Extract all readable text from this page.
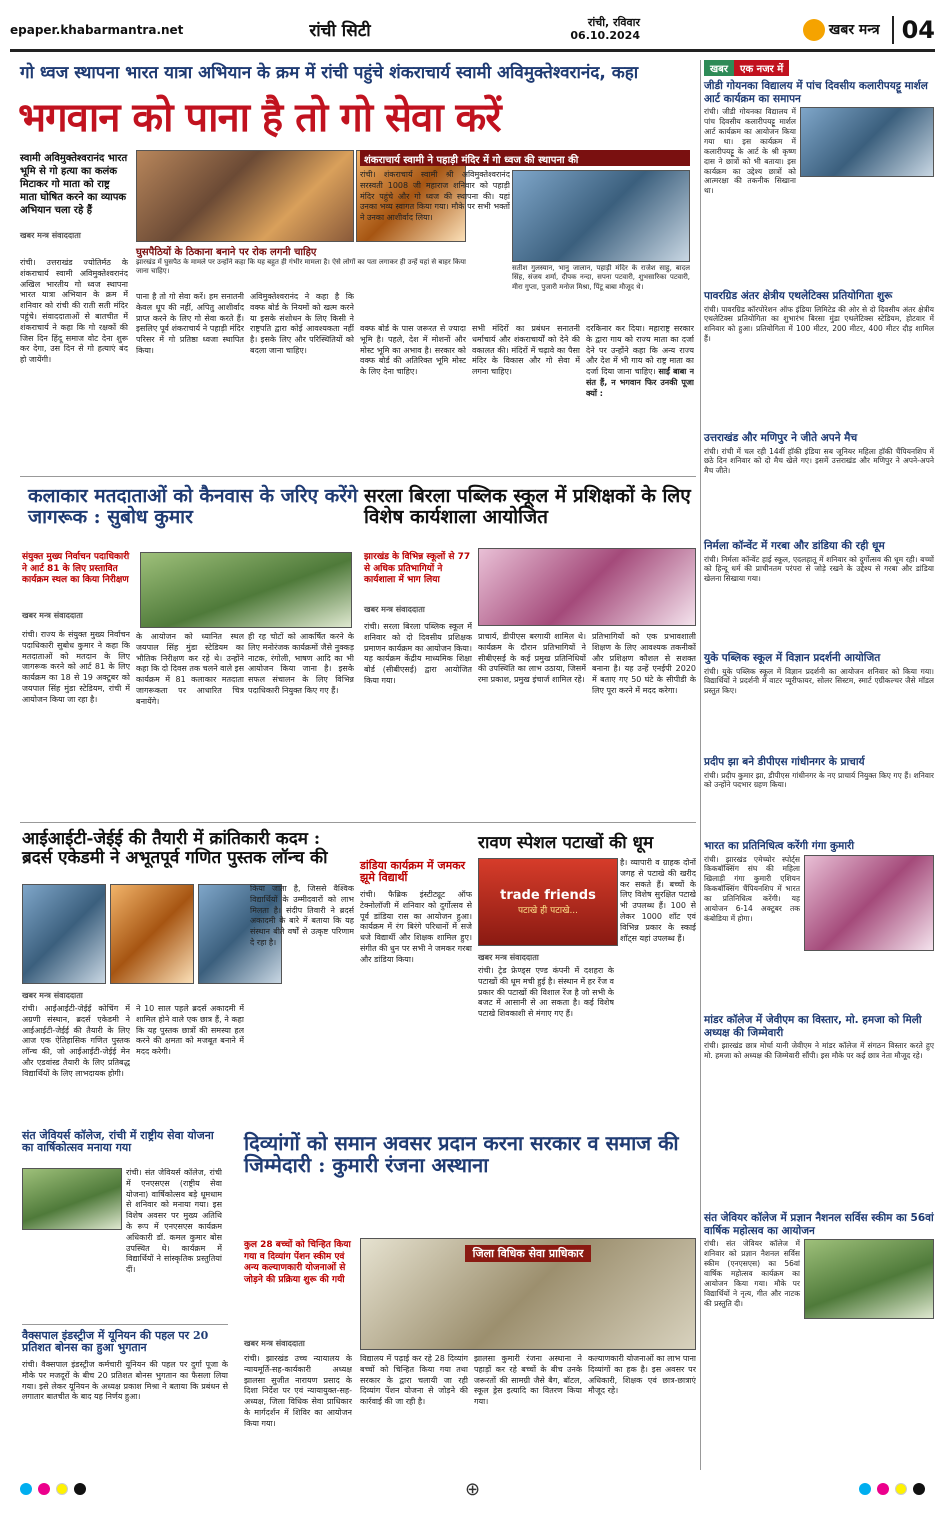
epaper.khabarmantra.net	रांची सिटी	रांची, रविवार
06.10.2024	खबर मन्त्र 04
गो ध्वज स्थापना भारत यात्रा अभियान के क्रम में रांची पहुंचे शंकराचार्य स्वामी अविमुक्तेश्वरानंद, कहा
भगवान को पाना है तो गो सेवा करें
स्वामी अविमुक्तेश्वरानंद भारत भूमि से गो हत्या का कलंक मिटाकर गो माता को राष्ट्र माता घोषित करने का व्यापक अभियान चला रहे हैं
खबर मन्त्र संवाददाता
घुसपैठियों के ठिकाना बनाने पर रोक लगनी चाहिए
झारखंड में घुसपैठ के मामले पर उन्होंने कहा कि यह बहुत ही गंभीर मामला है। ऐसे लोगों का पता लगाकर ही उन्हें यहां से बाहर किया जाना चाहिए।
रांची। उत्तराखंड ज्योतिर्मठ के शंकराचार्य स्वामी अविमुक्तेश्वरानंद अखिल भारतीय गो ध्वज स्थापना भारत यात्रा अभियान के क्रम में शनिवार को रांची की राती सती मंदिर पहुंचे। संवाददाताओं से बातचीत में शंकराचार्य ने कहा कि गो रक्षकों की जिस दिन हिंदू समाज वोट देना शुरू कर देगा, उस दिन से गो हत्याएं बंद हो जायेंगी।
पाना है तो गो सेवा करें। हम सनातनी केवल धूप की नहीं, अपितु आशीर्वाद प्राप्त करने के लिए गो सेवा करते हैं। इसलिए पूर्व शंकराचार्य ने पहाड़ी मंदिर परिसर में गो प्रतिष्ठा ध्वजा स्थापित किया।
अविमुक्तेश्वरानंद ने कहा है कि वक्फ बोर्ड के नियमों को खत्म करने या इसके संशोधन के लिए किसी ने राष्ट्रपति द्वारा कोई आवश्यकता नहीं है। इसके लिए और परिस्थितियों को बदला जाना चाहिए।
शंकराचार्य स्वामी ने पहाड़ी मंदिर में गो ध्वज की स्थापना की
रांची। शंकराचार्य स्वामी श्री अविमुक्तेश्वरानंद सरस्वती 1008 जी महाराज शनिवार को पहाड़ी मंदिर पहुंचे और गो ध्वज की स्थापना की। यहां उनका भव्य स्वागत किया गया। मौके पर सभी भक्तों ने उनका आशीर्वाद लिया।
सतीश गुलस्यान, भानु जालान, पहाड़ी मंदिर के राजेश साहु, बादल सिंह, संजय शर्मा, दीपक नन्दा, सपना पटवारी, शुभसारिका पटवारी, मीरा गुप्ता, पुजारी मनोज मिश्रा, पिंटू बाबा मौजूद थे।
वक्फ बोर्ड के पास जरूरत से ज्यादा भूमि है। पहले, देश में मोशनों और मोस्ट भूमि का अभाव है। सरकार को वक्फ बोर्ड की अतिरिक्त भूमि मोस्ट के लिए देना चाहिए।
सभी मंदिरों का प्रबंधन सनातनी धर्माचार्य और शंकराचार्यों को देने की वकालत की। मंदिरों में चढ़ावे का पैसा मंदिर के विकास और गो सेवा में लगना चाहिए।
दरकिनार कर दिया। महाराष्ट्र सरकार के द्वारा गाय को राज्य माता का दर्जा देने पर उन्होंने कहा कि अन्य राज्य और देश में भी गाय को राष्ट्र माता का दर्जा दिया जाना चाहिए। साईं बाबा न संत हैं, न भगवान फिर उनकी पूजा क्यों :
कलाकार मतदाताओं को कैनवास के जरिए करेंगे जागरूक : सुबोध कुमार
संयुक्त मुख्य निर्वाचन पदाधिकारी ने आर्ट 81 के लिए प्रस्तावित कार्यक्रम स्थल का किया निरीक्षण
खबर मन्त्र संवाददाता
रांची। राज्य के संयुक्त मुख्य निर्वाचन पदाधिकारी सुबोध कुमार ने कहा कि मतदाताओं को मतदान के लिए जागरूक करने को आर्ट 81 के लिए कार्यक्रम का 18 से 19 अक्टूबर को जयपाल सिंह मुंडा स्टेडियम, रांची में आयोजन किया जा रहा है।
के आयोजन को ध्यानित स्थल जयपाल सिंह मुंडा स्टेडियम का भौतिक निरीक्षण कर रहे थे। उन्होंने कहा कि दो दिवस तक चलने वाले इस कार्यक्रम में 81 कलाकार मतदाता जागरूकता पर आधारित चित्र बनायेंगे।
ही रह चोटों को आकर्षित करने के लिए मनोरंजक कार्यक्रमों जैसे नुक्कड़ नाटक, रंगोली, भाषण आदि का भी आयोजन किया जाना है। इसके सफल संचालन के लिए विभिन्न पदाधिकारी नियुक्त किए गए हैं।
सरला बिरला पब्लिक स्कूल में प्रशिक्षकों के लिए विशेष कार्यशाला आयोजित
झारखंड के विभिन्न स्कूलों से 77 से अधिक प्रतिभागियों ने कार्यशाला में भाग लिया
खबर मन्त्र संवाददाता
रांची। सरला बिरला पब्लिक स्कूल में शनिवार को दो दिवसीय प्रशिक्षक प्रमाणन कार्यक्रम का आयोजन किया। यह कार्यक्रम केंद्रीय माध्यमिक शिक्षा बोर्ड (सीबीएसई) द्वारा आयोजित किया गया।
प्राचार्य, डीपीएस बरगायी शामिल थे। कार्यक्रम के दौरान प्रतिभागियों ने सीबीएसई के कई प्रमुख प्रतिनिधियों की उपस्थिति का लाभ उठाया, जिसमें रमा प्रकाश, प्रमुख इंचार्ज शामिल रहे।
प्रतिभागियों को एक प्रभावशाली शिक्षण के लिए आवश्यक तकनीकों और प्रशिक्षण कौशल से सशक्त बनाना है। यह उन्हें एनईपी 2020 में बताए गए 50 घंटे के सीपीडी के लिए पूरा करने में मदद करेगा।
आईआईटी-जेईई की तैयारी में क्रांतिकारी कदम : ब्रदर्स एकेडमी ने अभूतपूर्व गणित पुस्तक लॉन्च की
खबर मन्त्र संवाददाता
रांची। आईआईटी-जेईई कोचिंग में अग्रणी संस्थान, ब्रदर्स एकेडमी ने आईआईटी-जेईई की तैयारी के लिए आज एक ऐतिहासिक गणित पुस्तक लॉन्च की, जो आईआईटी-जेईई मेन और एडवांस्ड तैयारी के लिए प्रतिबद्ध विद्यार्थियों के लिए लाभदायक होगी।
ने 10 साल पहले ब्रदर्स अकादमी में शामिल होने वाले एक छात्र हैं, ने कहा कि यह पुस्तक छात्रों की समस्या हल करने की क्षमता को मजबूत बनाने में मदद करेगी।
किया जाता है, जिससे वैश्विक विद्यार्थियों के उम्मीदवारों को लाभ मिलता है। संदीप तिवारी ने ब्रदर्स अकादमी के बारे में बताया कि यह संस्थान बीते वर्षों से उत्कृष्ट परिणाम दे रहा है।
डांडिया कार्यक्रम में जमकर झूमे विद्यार्थी
रांची। फैब्रिक इंस्टीट्यूट ऑफ टेक्नोलॉजी में शनिवार को दुर्गोत्सव से पूर्व डांडिया रास का आयोजन हुआ। कार्यक्रम में रंग बिरंगे परिधानों में सजे धजे विद्यार्थी और शिक्षक शामिल हुए। संगीत की धुन पर सभी ने जमकर गरबा और डांडिया किया।
रावण स्पेशल पटाखों की धूम
trade friends
पटाखे ही पटाखे...
खबर मन्त्र संवाददाता
रांची। ट्रेड फ्रेण्ड्स एण्ड कंपनी में दशहरा के पटाखों की धूम मची हुई है। संस्थान में हर रेंज व प्रकार की पटाखों की विशाल रेंज है जो सभी के बजट में आसानी से आ सकता है। कई विशेष पटाखे शिवकाशी से मंगाए गए हैं।
है। व्यापारी व ग्राहक दोनों जगह से पटाखे की खरीद कर सकते हैं। बच्चों के लिए विशेष सुरक्षित पटाखे भी उपलब्ध हैं। 100 से लेकर 1000 शॉट एवं विभिन्न प्रकार के स्काई शॉट्स यहां उपलब्ध हैं।
संत जेवियर्स कॉलेज, रांची में राष्ट्रीय सेवा योजना का वार्षिकोत्सव मनाया गया
रांची। संत जेवियर्स कॉलेज, रांची में एनएसएस (राष्ट्रीय सेवा योजना) वार्षिकोत्सव बड़े धूमधाम से शनिवार को मनाया गया। इस विशेष अवसर पर मुख्य अतिथि के रूप में एनएसएस कार्यक्रम अधिकारी डॉ. कमल कुमार बोस उपस्थित थे। कार्यक्रम में विद्यार्थियों ने सांस्कृतिक प्रस्तुतियां दीं।
वैक्सपाल इंडस्ट्रीज में यूनियन की पहल पर 20 प्रतिशत बोनस का हुआ भुगतान
रांची। वैक्सपाल इंडस्ट्रीज कर्मचारी यूनियन की पहल पर दुर्गा पूजा के मौके पर मजदूरों के बीच 20 प्रतिशत बोनस भुगतान का फैसला लिया गया। इसे लेकर यूनियन के अध्यक्ष प्रकाश मिश्रा ने बताया कि प्रबंधन से लगातार बातचीत के बाद यह निर्णय हुआ।
दिव्यांगों को समान अवसर प्रदान करना सरकार व समाज की जिम्मेदारी : कुमारी रंजना अस्थाना
कुल 28 बच्चों को चिन्हित किया गया व दिव्यांग पेंशन स्कीम एवं अन्य कल्याणकारी योजनाओं से जोड़ने की प्रक्रिया शुरू की गयी
खबर मन्त्र संवाददाता
जिला विधिक सेवा प्राधिकार
रांची। झारखंड उच्च न्यायालय के न्यायमूर्ति-सह-कार्यकारी अध्यक्ष झालसा सुजीत नारायण प्रसाद के दिशा निर्देश पर एवं न्यायायुक्त-सह-अध्यक्ष, जिला विधिक सेवा प्राधिकार के मार्गदर्शन में शिविर का आयोजन किया गया।
विद्यालय में पढ़ाई कर रहे 28 दिव्यांग बच्चों को चिन्हित किया गया तथा सरकार के द्वारा चलायी जा रही दिव्यांग पेंशन योजना से जोड़ने की कार्रवाई की जा रही है।
झालसा कुमारी रंजना अस्थाना ने पहाड़ों कर रहे बच्चों के बीच उनके जरूरतों की सामग्री जैसे बैग, बॉटल, स्कूल ड्रेस इत्यादि का वितरण किया गया।
कल्याणकारी योजनाओं का लाभ पाना दिव्यांगों का हक है। इस अवसर पर अधिकारी, शिक्षक एवं छात्र-छात्राएं मौजूद रहे।
खबर	एक नजर में
जीडी गोयनका विद्यालय में पांच दिवसीय कलारीपयट्टू मार्शल आर्ट कार्यक्रम का समापन

रांची। जीडी गोयनका विद्यालय में पांच दिवसीय कलारीपयट्टू मार्शल आर्ट कार्यक्रम का आयोजन किया गया था। इस कार्यक्रम में कलारीपयट्टू के आर्ट के श्री कृष्ण दास ने छात्रों को भी बताया। इस कार्यक्रम का उद्देश्य छात्रों को आत्मरक्षा की तकनीक सिखाना था।

पावरग्रिड अंतर क्षेत्रीय एथलेटिक्स प्रतियोगिता शुरू

रांची। पावरग्रिड कॉरपोरेशन ऑफ इंडिया लिमिटेड की ओर से दो दिवसीय अंतर क्षेत्रीय एथलेटिक्स प्रतियोगिता का शुभारंभ बिरसा मुंडा एथलेटिक्स स्टेडियम, होटवार में शनिवार को हुआ। प्रतियोगिता में 100 मीटर, 200 मीटर, 400 मीटर दौड़ शामिल हैं।

उत्तराखंड और मणिपुर ने जीते अपने मैच

रांची। रांची में चल रही 14वीं हॉकी इंडिया सब जूनियर महिला हॉकी चैंपियनशिप में छठे दिन शनिवार को दो मैच खेले गए। इसमें उत्तराखंड और मणिपुर ने अपने-अपने मैच जीते।

निर्मला कॉन्वेंट में गरबा और डांडिया की रही धूम

रांची। निर्मला कॉन्वेंट हाई स्कूल, एदलहातू में शनिवार को दुर्गोत्सव की धूम रही। बच्चों को हिन्दू धर्म की प्राचीनतम परंपरा से जोड़े रखने के उद्देश्य से गरबा और डांडिया खेलना सिखाया गया।

युके पब्लिक स्कूल में विज्ञान प्रदर्शनी आयोजित

रांची। युके पब्लिक स्कूल में विज्ञान प्रदर्शनी का आयोजन शनिवार को किया गया। विद्यार्थियों ने प्रदर्शनी में वाटर प्यूरीफायर, सोलर सिस्टम, स्मार्ट एग्रीकल्चर जैसे मॉडल प्रस्तुत किए।

प्रदीप झा बने डीपीएस गांधीनगर के प्राचार्य

रांची। प्रदीप कुमार झा, डीपीएस गांधीनगर के नए प्राचार्य नियुक्त किए गए हैं। शनिवार को उन्होंने पदभार ग्रहण किया।

भारत का प्रतिनिधित्व करेंगी गंगा कुमारी

रांची। झारखंड एमेच्योर स्पोर्ट्स किकबॉक्सिंग संघ की महिला खिलाड़ी गंगा कुमारी एशियन किकबॉक्सिंग चैंपियनशिप में भारत का प्रतिनिधित्व करेंगी। यह आयोजन 6-14 अक्टूबर तक कंबोडिया में होगा।

मांडर कॉलेज में जेवीएम का विस्तार, मो. हमजा को मिली अध्यक्ष की जिम्मेवारी

रांची। झारखंड छात्र मोर्चा यानी जेवीएम ने मांडर कॉलेज में संगठन विस्तार करते हुए मो. हमजा को अध्यक्ष की जिम्मेवारी सौंपी। इस मौके पर कई छात्र नेता मौजूद रहे।

संत जेवियर कॉलेज में प्रज्ञान नैशनल सर्विस स्कीम का 56वां वार्षिक महोत्सव का आयोजन

रांची। संत जेवियर कॉलेज में शनिवार को प्रज्ञान नैशनल सर्विस स्कीम (एनएसएस) का 56वां वार्षिक महोत्सव कार्यक्रम का आयोजन किया गया। मौके पर विद्यार्थियों ने नृत्य, गीत और नाटक की प्रस्तुति दी।

⊕
